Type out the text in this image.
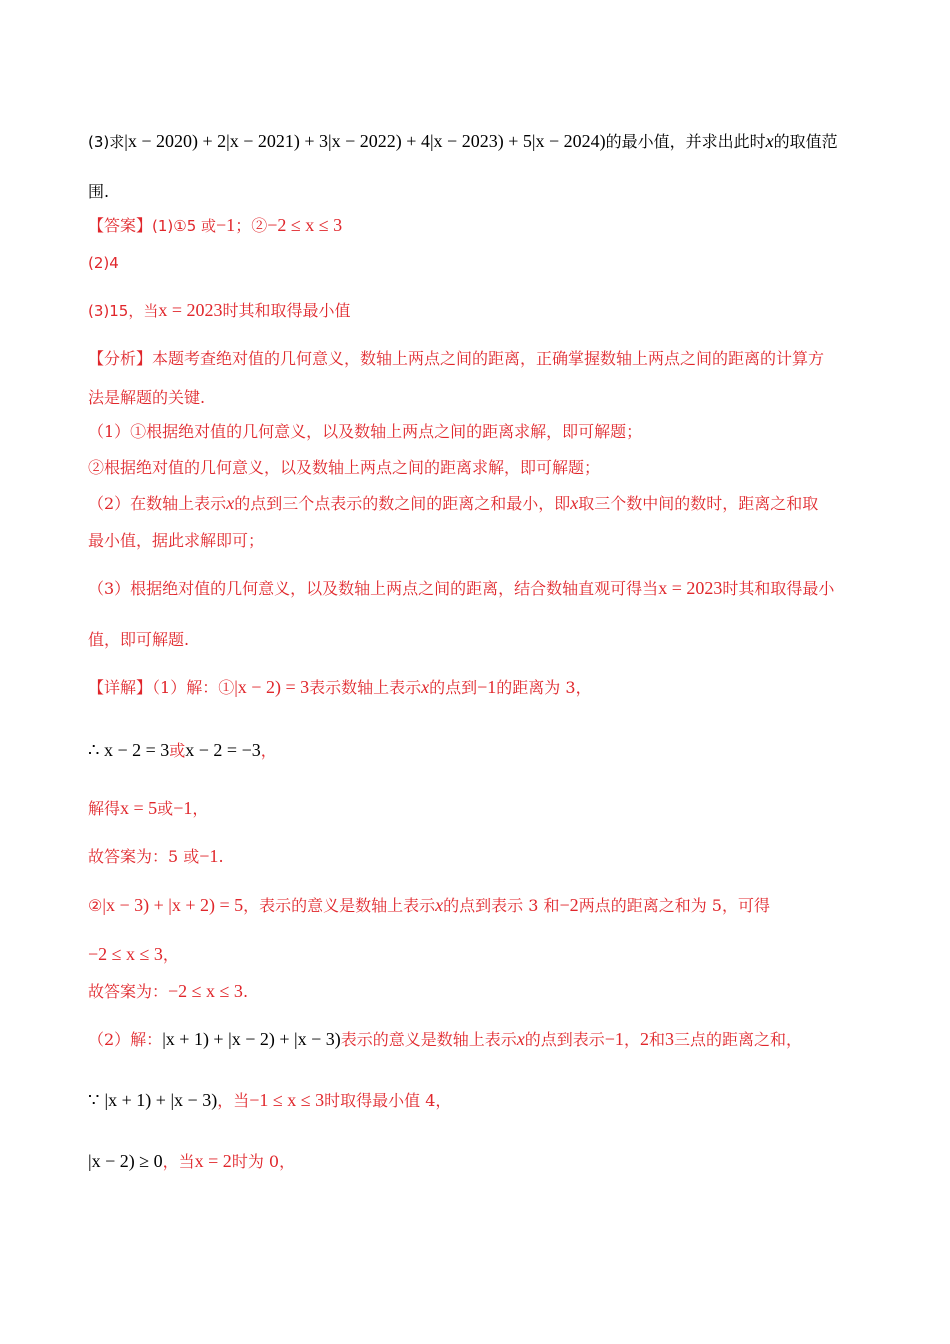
(3)求|x − 2020) + 2|x − 2021) + 3|x − 2022) + 4|x − 2023) + 5|x − 2024)的最小值，并求出此时x的取值范
围.
【答案】(1)①5 或−1；②−2 ≤ x ≤ 3
(2)4
(3)15，当x = 2023时其和取得最小值
【分析】本题考查绝对值的几何意义，数轴上两点之间的距离，正确掌握数轴上两点之间的距离的计算方
法是解题的关键.
（1）①根据绝对值的几何意义，以及数轴上两点之间的距离求解，即可解题；
②根据绝对值的几何意义，以及数轴上两点之间的距离求解，即可解题；
（2）在数轴上表示x的点到三个点表示的数之间的距离之和最小，即x取三个数中间的数时，距离之和取
最小值，据此求解即可；
（3）根据绝对值的几何意义，以及数轴上两点之间的距离，结合数轴直观可得当x = 2023时其和取得最小
值，即可解题.
【详解】（1）解：①|x − 2) = 3表示数轴上表示x的点到−1的距离为 3，
∴ x − 2 = 3或x − 2 = −3，
解得x = 5或−1，
故答案为：5 或−1.
②|x − 3) + |x + 2) = 5，表示的意义是数轴上表示x的点到表示 3 和−2两点的距离之和为 5，可得
−2 ≤ x ≤ 3，
故答案为：−2 ≤ x ≤ 3.
（2）解：|x + 1) + |x − 2) + |x − 3)表示的意义是数轴上表示x的点到表示−1，2和3三点的距离之和，
∵ |x + 1) + |x − 3)，当−1 ≤ x ≤ 3时取得最小值 4，
|x − 2) ≥ 0，当x = 2时为 0，
